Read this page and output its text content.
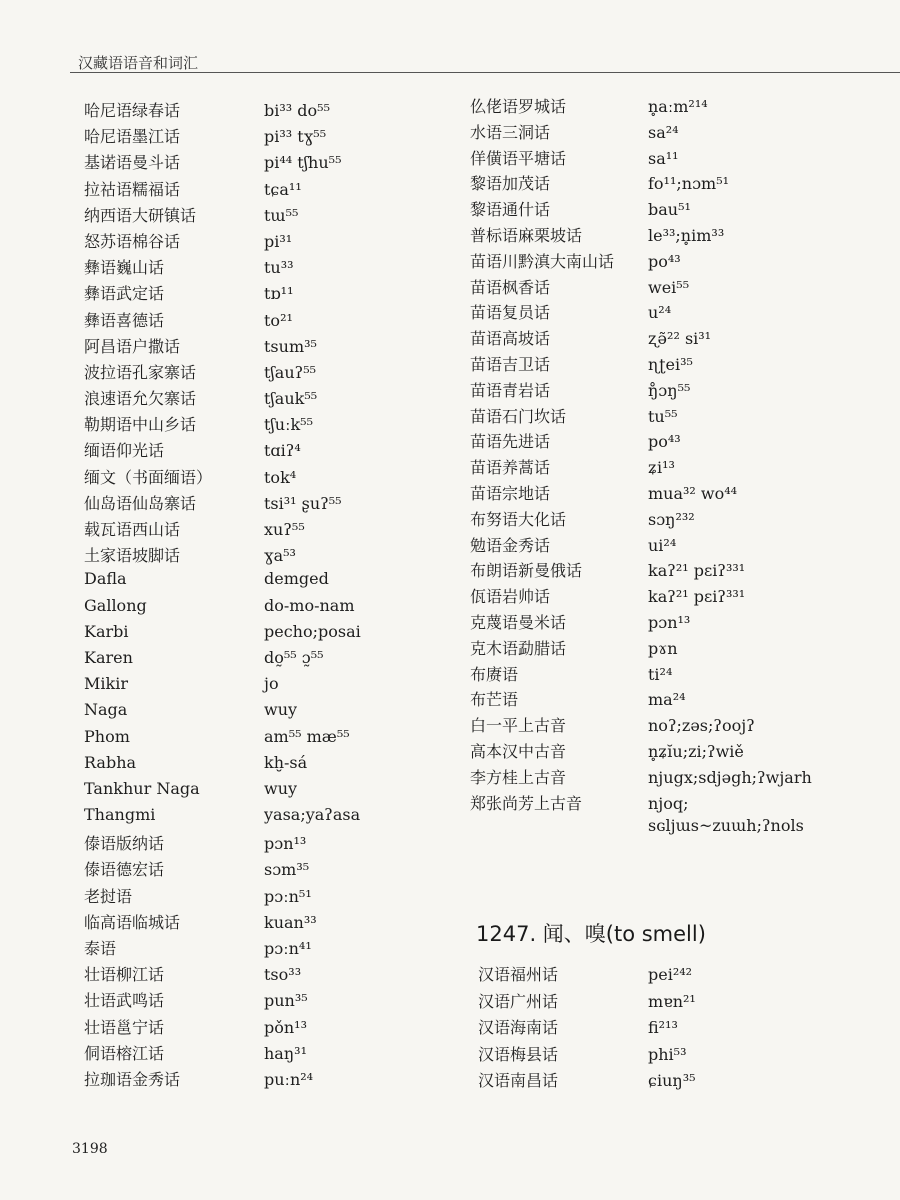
汉藏语语音和词汇
哈尼语绿春话	bi³³ do⁵⁵
哈尼语墨江话	pi³³ tɣ⁵⁵
基诺语曼斗话	pi⁴⁴ tʃhu⁵⁵
拉祜语糯福话	tɕa¹¹
纳西语大研镇话	tɯ⁵⁵
怒苏语棉谷话	pi³¹
彝语巍山话	tu³³
彝语武定话	tɒ¹¹
彝语喜德话	to²¹
阿昌语户撒话	tsum³⁵
波拉语孔家寨话	tʃauʔ⁵⁵
浪速语允欠寨话	tʃauk⁵⁵
勒期语中山乡话	tʃuːk⁵⁵
缅语仰光话	tɑiʔ⁴
缅文（书面缅语）	tok⁴
仙岛语仙岛寨话	tsi³¹ ʂuʔ⁵⁵
载瓦语西山话	xuʔ⁵⁵
土家语坡脚话	ɣa⁵³
Dafla	demged
Gallong	do-mo-nam
Karbi	pecho;posai
Karen	do̰⁵⁵ ɔ̰⁵⁵
Mikir	jo
Naga	wuy
Phom	am⁵⁵ mæ⁵⁵
Rabha	kḫ-sá
Tankhur Naga	wuy
Thangmi	yasa;yaʔasa
傣语版纳话	pɔn¹³
傣语德宏话	sɔm³⁵
老挝语	pɔːn⁵¹
临高语临城话	kuan³³
泰语	pɔːn⁴¹
壮语柳江话	tso³³
壮语武鸣话	pun³⁵
壮语邕宁话	pǒn¹³
侗语榕江话	haŋ³¹
拉珈语金秀话	puːn²⁴
仫佬语罗城话	n̥aːm²¹⁴
水语三洞话	sa²⁴
佯僙语平塘话	sa¹¹
黎语加茂话	fo¹¹;nɔm⁵¹
黎语通什话	bau⁵¹
普标语麻栗坡话	le³³;n̥im³³
苗语川黔滇大南山话	po⁴³
苗语枫香话	wei⁵⁵
苗语复员话	u²⁴
苗语高坡话	ʐə̃²² si³¹
苗语吉卫话	ɳʈei³⁵
苗语青岩话	ŋ̊ɔŋ⁵⁵
苗语石门坎话	tu⁵⁵
苗语先进话	po⁴³
苗语养蒿话	ʑi¹³
苗语宗地话	mua³² wo⁴⁴
布努语大化话	sɔŋ²³²
勉语金秀话	ui²⁴
布朗语新曼俄话	kaʔ²¹ pɛiʔ³³¹
佤语岩帅话	kaʔ²¹ pɛiʔ³³¹
克蔑语曼米话	pɔn¹³
克木语勐腊话	pɤn
布赓语	ti²⁴
布芒语	ma²⁴
白一平上古音	noʔ;zəs;ʔoojʔ
高本汉中古音	n̥ʑĭu;zi;ʔwiě
李方桂上古音	njugx;sdjəgh;ʔwjarh
郑张尚芳上古音	njoq;
sɢljɯs~zuɯh;ʔnols
1247. 闻、嗅(to smell)
汉语福州话	pei²⁴²
汉语广州话	mɐn²¹
汉语海南话	fi²¹³
汉语梅县话	phi⁵³
汉语南昌话	ɕiuŋ³⁵
3198
